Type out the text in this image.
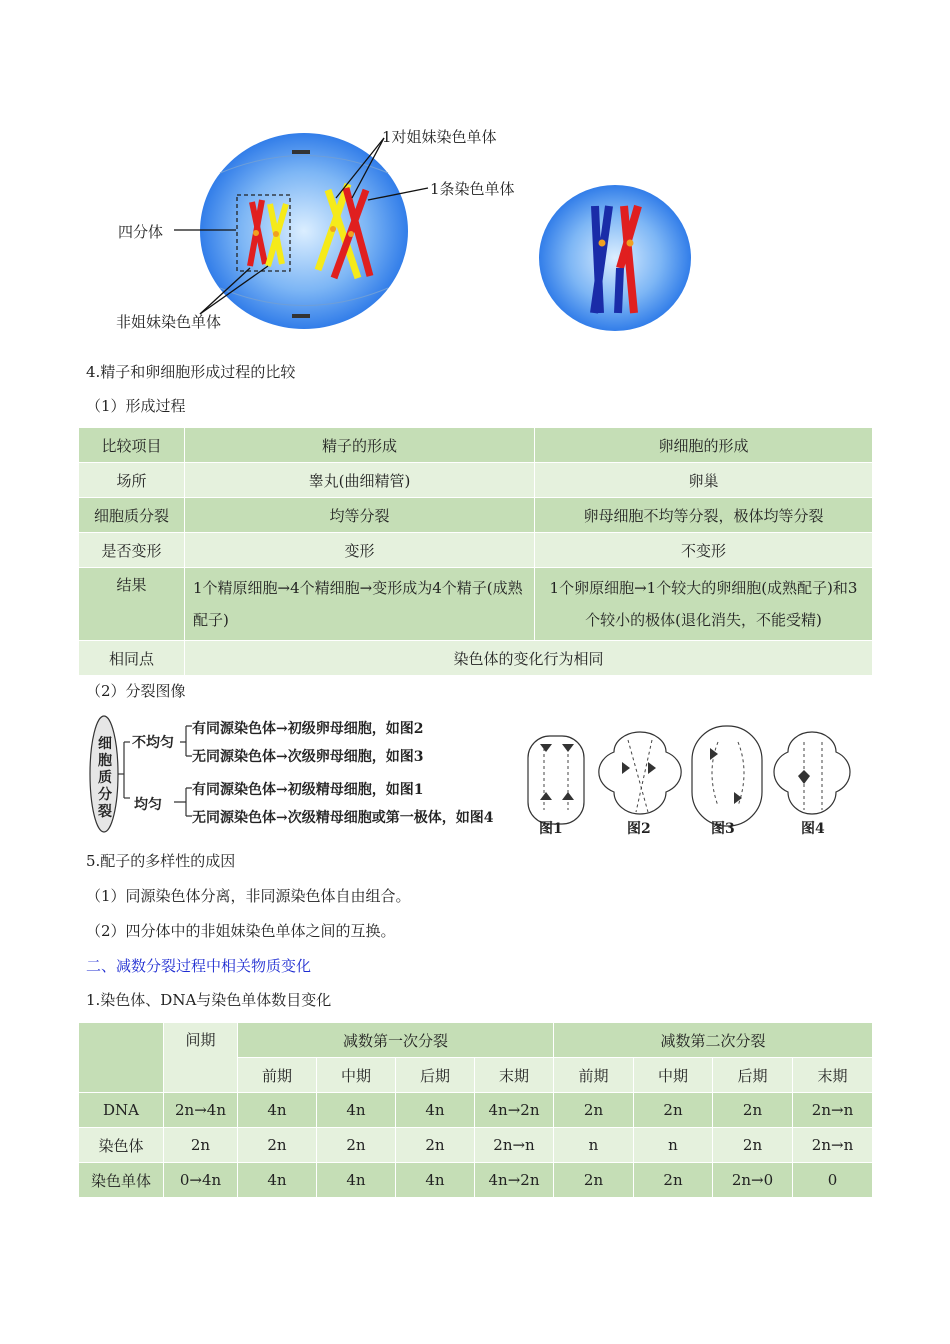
1对姐妹染色单体
1条染色单体
四分体
非姐妹染色单体
4.精子和卵细胞形成过程的比较
（1）形成过程
比较项目	精子的形成	卵细胞的形成
场所	睾丸(曲细精管)	卵巢
细胞质分裂	均等分裂	卵母细胞不均等分裂，极体均等分裂
是否变形	变形	不变形
结果	1个精原细胞→4个精细胞→变形成为4个精子(成熟配子)	1个卵原细胞→1个较大的卵细胞(成熟配子)和3个较小的极体(退化消失，不能受精)
相同点	染色体的变化行为相同	
（2）分裂图像
细胞质分裂
不均匀
均匀
有同源染色体→初级卵母细胞，如图2
无同源染色体→次级卵母细胞，如图3
有同源染色体→初级精母细胞，如图1
无同源染色体→次级精母细胞或第一极体，如图4
图1	图2	图3	图4
5.配子的多样性的成因
（1）同源染色体分离，非同源染色体自由组合。
（2）四分体中的非姐妹染色单体之间的互换。
二、减数分裂过程中相关物质变化
1.染色体、DNA与染色单体数目变化
	间期	减数第一次分裂				减数第二次分裂			
		前期	中期	后期	末期	前期	中期	后期	末期
DNA	2n→4n	4n	4n	4n	4n→2n	2n	2n	2n	2n→n
染色体	2n	2n	2n	2n	2n→n	n	n	2n	2n→n
染色单体	0→4n	4n	4n	4n	4n→2n	2n	2n	2n→0	0
